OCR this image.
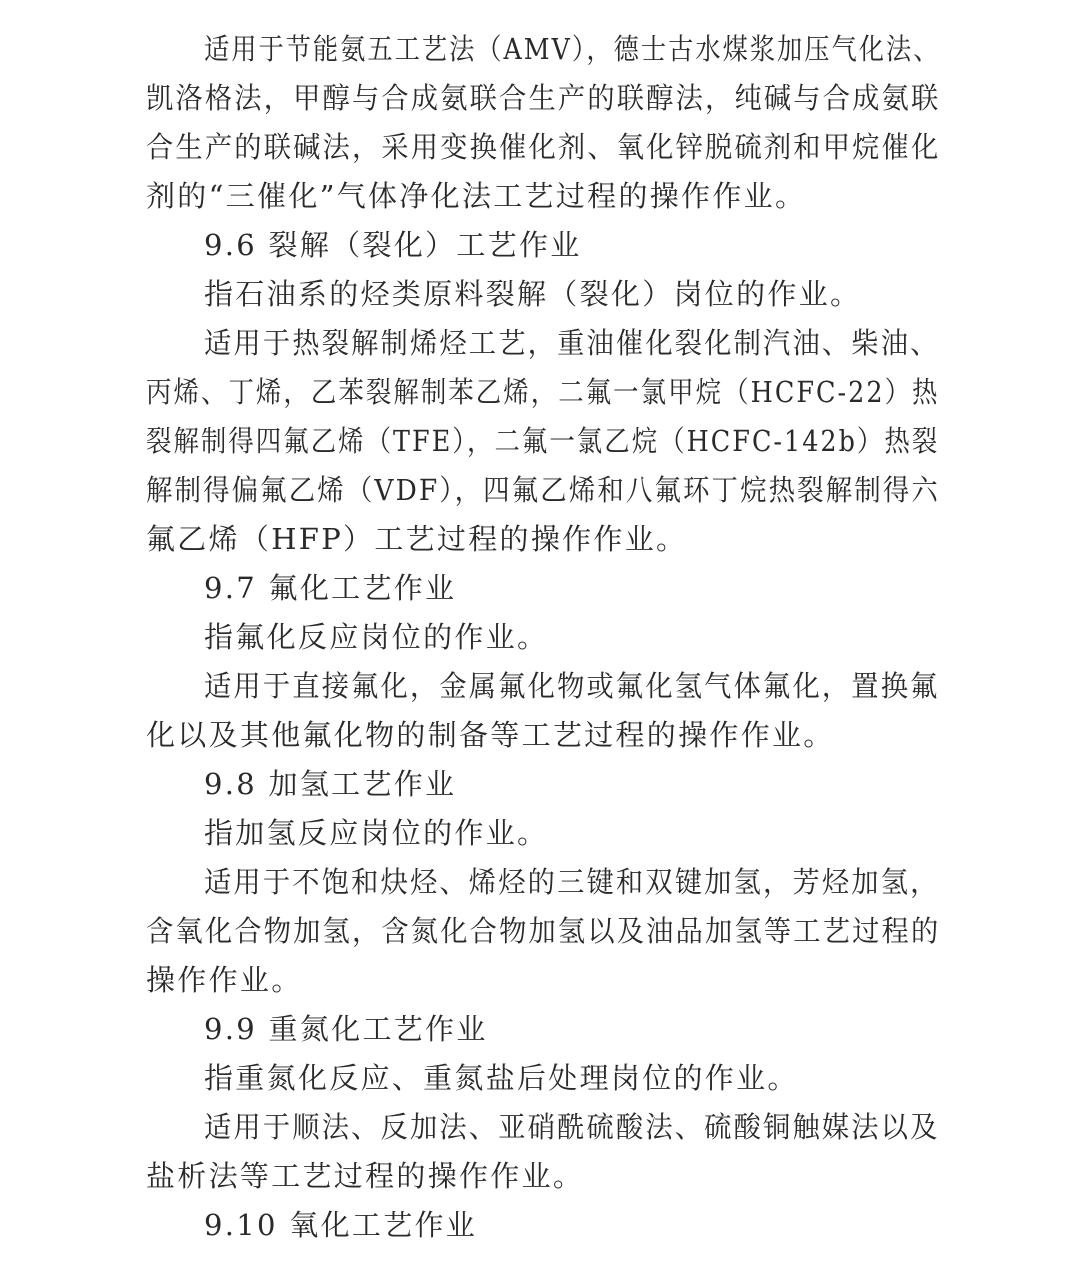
适用于节能氨五工艺法（AMV），德士古水煤浆加压气化法、

凯洛格法，甲醇与合成氨联合生产的联醇法，纯碱与合成氨联

合生产的联碱法，采用变换催化剂、氧化锌脱硫剂和甲烷催化

剂的“三催化”气体净化法工艺过程的操作作业。

9.6 裂解（裂化）工艺作业

指石油系的烃类原料裂解（裂化）岗位的作业。

适用于热裂解制烯烃工艺，重油催化裂化制汽油、柴油、

丙烯、丁烯，乙苯裂解制苯乙烯，二氟一氯甲烷（HCFC-22）热

裂解制得四氟乙烯（TFE），二氟一氯乙烷（HCFC-142b）热裂

解制得偏氟乙烯（VDF），四氟乙烯和八氟环丁烷热裂解制得六

氟乙烯（HFP）工艺过程的操作作业。

9.7 氟化工艺作业

指氟化反应岗位的作业。

适用于直接氟化，金属氟化物或氟化氢气体氟化，置换氟

化以及其他氟化物的制备等工艺过程的操作作业。

9.8 加氢工艺作业

指加氢反应岗位的作业。

适用于不饱和炔烃、烯烃的三键和双键加氢，芳烃加氢，

含氧化合物加氢，含氮化合物加氢以及油品加氢等工艺过程的

操作作业。

9.9 重氮化工艺作业

指重氮化反应、重氮盐后处理岗位的作业。

适用于顺法、反加法、亚硝酰硫酸法、硫酸铜触媒法以及

盐析法等工艺过程的操作作业。

9.10 氧化工艺作业
